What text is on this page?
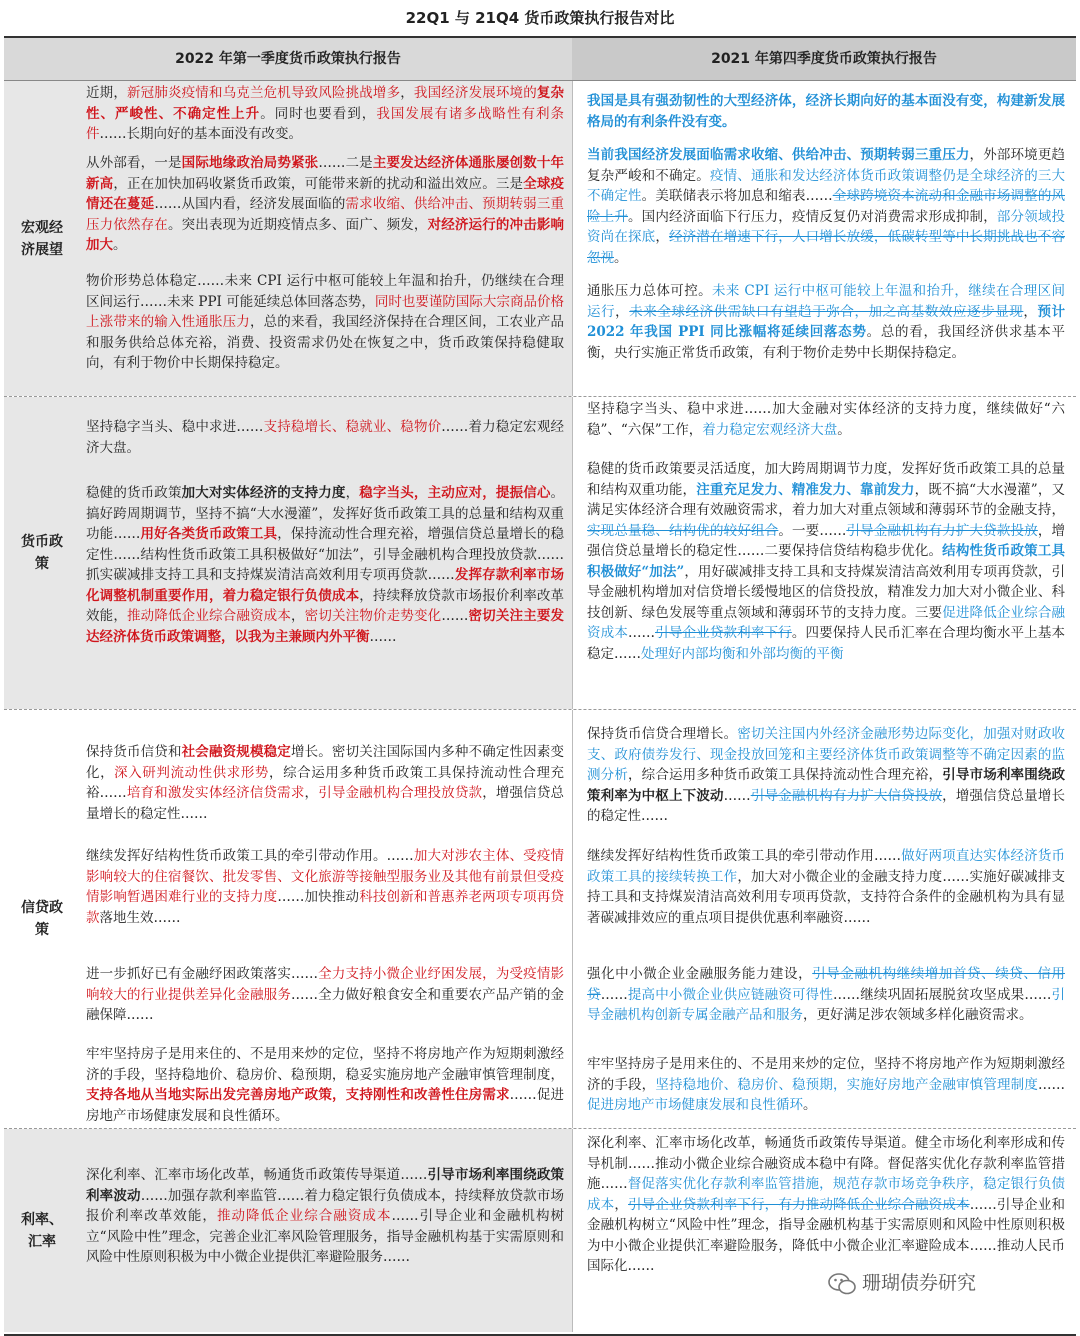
22Q1 与 21Q4 货币政策执行报告对比
2022 年第一季度货币政策执行报告	2021 年第四季度货币政策执行报告
宏观经济展望

近期，新冠肺炎疫情和乌克兰危机导致风险挑战增多，我国经济发展环境的复杂性、严峻性、不确定性上升。同时也要看到，我国发展有诸多战略性有利条件……长期向好的基本面没有改变。

从外部看，一是国际地缘政治局势紧张……二是主要发达经济体通胀屡创数十年新高，正在加快加码收紧货币政策，可能带来新的扰动和溢出效应。三是全球疫情还在蔓延……从国内看，经济发展面临的需求收缩、供给冲击、预期转弱三重压力依然存在。突出表现为近期疫情点多、面广、频发，对经济运行的冲击影响加大。

物价形势总体稳定……未来 CPI 运行中枢可能较上年温和抬升，仍继续在合理区间运行……未来 PPI 可能延续总体回落态势，同时也要谨防国际大宗商品价格上涨带来的输入性通胀压力，总的来看，我国经济保持在合理区间，工农业产品和服务供给总体充裕，消费、投资需求仍处在恢复之中，货币政策保持稳健取向，有利于物价中长期保持稳定。

我国是具有强劲韧性的大型经济体，经济长期向好的基本面没有变，构建新发展格局的有利条件没有变。

当前我国经济发展面临需求收缩、供给冲击、预期转弱三重压力，外部环境更趋复杂严峻和不确定。疫情、通胀和发达经济体货币政策调整仍是全球经济的三大不确定性。美联储表示将加息和缩表……全球跨境资本流动和金融市场调整的风险上升。国内经济面临下行压力，疫情反复仍对消费需求形成抑制，部分领域投资尚在探底，经济潜在增速下行，人口增长放缓，低碳转型等中长期挑战也不容忽视。

通胀压力总体可控。未来 CPI 运行中枢可能较上年温和抬升，继续在合理区间运行，未来全球经济供需缺口有望趋于弥合，加之高基数效应逐步显现，预计 2022 年我国 PPI 同比涨幅将延续回落态势。总的看，我国经济供求基本平衡，央行实施正常货币政策，有利于物价走势中长期保持稳定。

货币政策

坚持稳字当头、稳中求进……支持稳增长、稳就业、稳物价……着力稳定宏观经济大盘。

稳健的货币政策加大对实体经济的支持力度，稳字当头，主动应对，提振信心。搞好跨周期调节，坚持不搞“大水漫灌”，发挥好货币政策工具的总量和结构双重功能……用好各类货币政策工具，保持流动性合理充裕，增强信贷总量增长的稳定性……结构性货币政策工具积极做好“加法”，引导金融机构合理投放贷款……抓实碳减排支持工具和支持煤炭清洁高效利用专项再贷款……发挥存款利率市场化调整机制重要作用，着力稳定银行负债成本，持续释放贷款市场报价利率改革效能，推动降低企业综合融资成本，密切关注物价走势变化……密切关注主要发达经济体货币政策调整，以我为主兼顾内外平衡……

坚持稳字当头、稳中求进……加大金融对实体经济的支持力度，继续做好“六稳”、“六保”工作，着力稳定宏观经济大盘。

稳健的货币政策要灵活适度，加大跨周期调节力度，发挥好货币政策工具的总量和结构双重功能，注重充足发力、精准发力、靠前发力，既不搞“大水漫灌”，又满足实体经济合理有效融资需求，着力加大对重点领域和薄弱环节的金融支持，实现总量稳、结构优的较好组合。一要……引导金融机构有力扩大贷款投放，增强信贷总量增长的稳定性……二要保持信贷结构稳步优化。结构性货币政策工具积极做好“加法”，用好碳减排支持工具和支持煤炭清洁高效利用专项再贷款，引导金融机构增加对信贷增长缓慢地区的信贷投放，精准发力加大对小微企业、科技创新、绿色发展等重点领域和薄弱环节的支持力度。三要促进降低企业综合融资成本……引导企业贷款利率下行。四要保持人民币汇率在合理均衡水平上基本稳定……处理好内部均衡和外部均衡的平衡

信贷政策

保持货币信贷和社会融资规模稳定增长。密切关注国际国内多种不确定性因素变化，深入研判流动性供求形势，综合运用多种货币政策工具保持流动性合理充裕……培育和激发实体经济信贷需求，引导金融机构合理投放贷款，增强信贷总量增长的稳定性……

继续发挥好结构性货币政策工具的牵引带动作用。……加大对涉农主体、受疫情影响较大的住宿餐饮、批发零售、文化旅游等接触型服务业及其他有前景但受疫情影响暂遇困难行业的支持力度……加快推动科技创新和普惠养老两项专项再贷款落地生效……

进一步抓好已有金融纾困政策落实……全力支持小微企业纾困发展，为受疫情影响较大的行业提供差异化金融服务……全力做好粮食安全和重要农产品产销的金融保障……

牢牢坚持房子是用来住的、不是用来炒的定位，坚持不将房地产作为短期刺激经济的手段，坚持稳地价、稳房价、稳预期，稳妥实施房地产金融审慎管理制度，支持各地从当地实际出发完善房地产政策，支持刚性和改善性住房需求……促进房地产市场健康发展和良性循环。

保持货币信贷合理增长。密切关注国内外经济金融形势边际变化，加强对财政收支、政府债券发行、现金投放回笼和主要经济体货币政策调整等不确定因素的监测分析，综合运用多种货币政策工具保持流动性合理充裕，引导市场利率围绕政策利率为中枢上下波动……引导金融机构有力扩大信贷投放，增强信贷总量增长的稳定性……

继续发挥好结构性货币政策工具的牵引带动作用……做好两项直达实体经济货币政策工具的接续转换工作，加大对小微企业的金融支持力度……实施好碳减排支持工具和支持煤炭清洁高效利用专项再贷款，支持符合条件的金融机构为具有显著碳减排效应的重点项目提供优惠利率融资……

强化中小微企业金融服务能力建设，引导金融机构继续增加首贷、续贷、信用贷……提高中小微企业供应链融资可得性……继续巩固拓展脱贫攻坚成果……引导金融机构创新专属金融产品和服务，更好满足涉农领域多样化融资需求。

牢牢坚持房子是用来住的、不是用来炒的定位，坚持不将房地产作为短期刺激经济的手段，坚持稳地价、稳房价、稳预期，实施好房地产金融审慎管理制度……促进房地产市场健康发展和良性循环。

利率、汇率

深化利率、汇率市场化改革，畅通货币政策传导渠道……引导市场利率围绕政策利率波动……加强存款利率监管……着力稳定银行负债成本，持续释放贷款市场报价利率改革效能，推动降低企业综合融资成本……引导企业和金融机构树立“风险中性”理念，完善企业汇率风险管理服务，指导金融机构基于实需原则和风险中性原则积极为中小微企业提供汇率避险服务……

深化利率、汇率市场化改革，畅通货币政策传导渠道。健全市场化利率形成和传导机制……推动小微企业综合融资成本稳中有降。督促落实优化存款利率监管措施……督促落实优化存款利率监管措施，规范存款市场竞争秩序，稳定银行负债成本，引导企业贷款利率下行，有力推动降低企业综合融资成本……引导企业和金融机构树立“风险中性”理念，指导金融机构基于实需原则和风险中性原则积极为中小微企业提供汇率避险服务，降低中小微企业汇率避险成本……推动人民币国际化……

珊瑚债券研究
